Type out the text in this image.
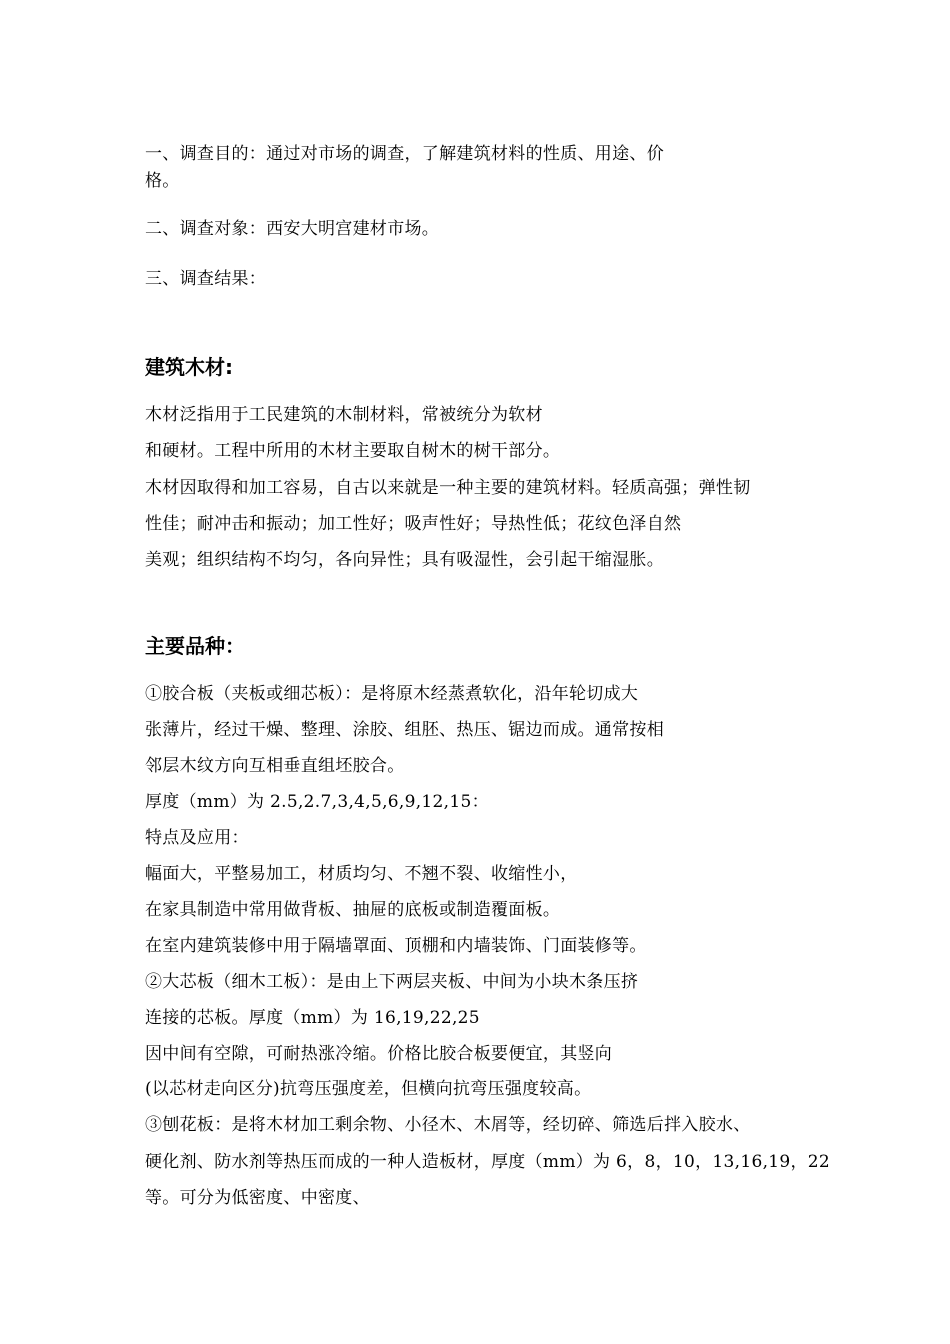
一、调查目的：通过对市场的调查，了解建筑材料的性质、用途、价
格。
二、调查对象：西安大明宫建材市场。
三、调查结果：
建筑木材:
木材泛指用于工民建筑的木制材料，常被统分为软材
和硬材。工程中所用的木材主要取自树木的树干部分。
木材因取得和加工容易，自古以来就是一种主要的建筑材料。轻质高强；弹性韧
性佳；耐冲击和振动；加工性好；吸声性好；导热性低；花纹色泽自然
美观；组织结构不均匀，各向异性；具有吸湿性，会引起干缩湿胀。
主要品种：
①胶合板（夹板或细芯板）：是将原木经蒸煮软化，沿年轮切成大
张薄片，经过干燥、整理、涂胶、组胚、热压、锯边而成。通常按相
邻层木纹方向互相垂直组坯胶合。
厚度（mm）为 2.5,2.7,3,4,5,6,9,12,15：
特点及应用：
幅面大，平整易加工，材质均匀、不翘不裂、收缩性小，
在家具制造中常用做背板、抽屉的底板或制造覆面板。
在室内建筑装修中用于隔墙罩面、顶棚和内墙装饰、门面装修等。
②大芯板（细木工板）：是由上下两层夹板、中间为小块木条压挤
连接的芯板。厚度（mm）为 16,19,22,25
因中间有空隙，可耐热涨冷缩。价格比胶合板要便宜，其竖向
(以芯材走向区分)抗弯压强度差，但横向抗弯压强度较高。
③刨花板：是将木材加工剩余物、小径木、木屑等，经切碎、筛选后拌入胶水、
硬化剂、防水剂等热压而成的一种人造板材，厚度（mm）为 6，8，10，13,16,19，22
等。可分为低密度、中密度、
